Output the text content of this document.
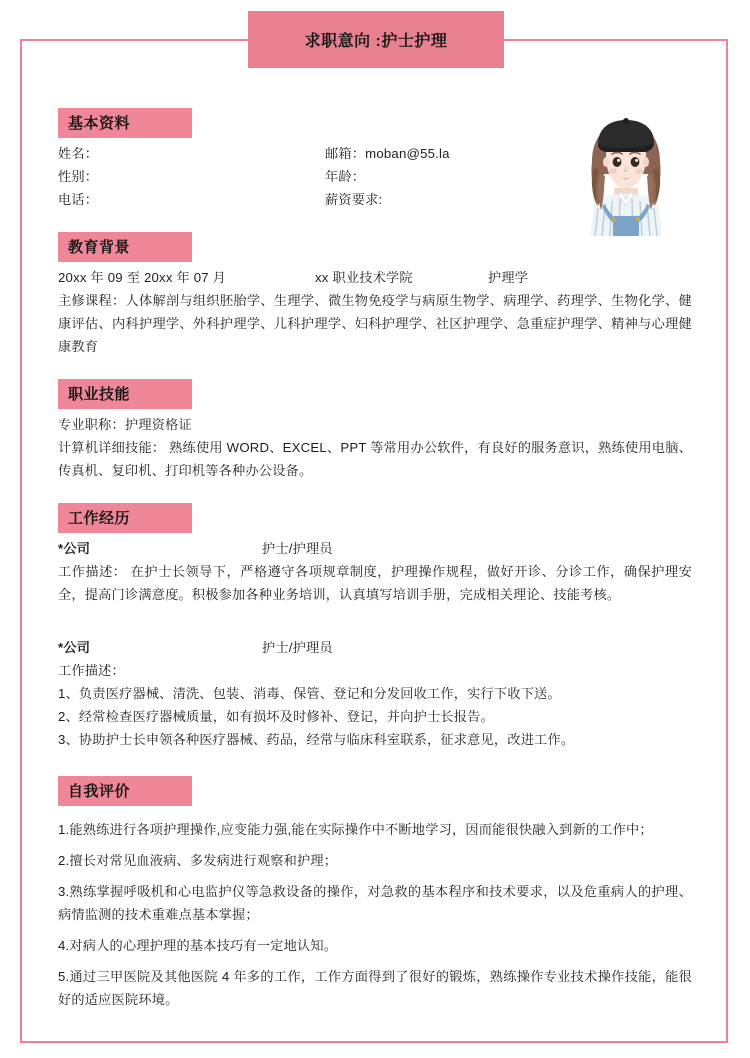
求职意向 :护士护理
基本资料
姓名：	邮箱：moban@55.la
性别：	年龄：
电话：	薪资要求:
教育背景
20xx 年 09 至 20xx 年 07 月	xx 职业技术学院	护理学
主修课程：人体解剖与组织胚胎学、生理学、微生物免疫学与病原生物学、病理学、药理学、生物化学、健康评估、内科护理学、外科护理学、儿科护理学、妇科护理学、社区护理学、急重症护理学、精神与心理健康教育
职业技能
专业职称：护理资格证
计算机详细技能： 熟练使用 WORD、EXCEL、PPT 等常用办公软件，有良好的服务意识，熟练使用电脑、传真机、复印机、打印机等各种办公设备。
工作经历
*公司	护士/护理员
工作描述： 在护士长领导下，严格遵守各项规章制度，护理操作规程，做好开诊、分诊工作，确保护理安全，提高门诊满意度。积极参加各种业务培训，认真填写培训手册，完成相关理论、技能考核。
*公司	护士/护理员
工作描述：
1、负责医疗器械、清洗、包装、消毒、保管、登记和分发回收工作，实行下收下送。
2、经常检查医疗器械质量，如有损坏及时修补、登记，并向护士长报告。
3、协助护士长申领各种医疗器械、药品，经常与临床科室联系，征求意见，改进工作。
自我评价
1.能熟练进行各项护理操作,应变能力强,能在实际操作中不断地学习，因而能很快融入到新的工作中；
2.擅长对常见血液病、多发病进行观察和护理；
3.熟练掌握呼吸机和心电监护仪等急救设备的操作，对急救的基本程序和技术要求，以及危重病人的护理、病情监测的技术重难点基本掌握；
4.对病人的心理护理的基本技巧有一定地认知。
5.通过三甲医院及其他医院 4 年多的工作，工作方面得到了很好的锻炼，熟练操作专业技术操作技能，能很好的适应医院环境。
